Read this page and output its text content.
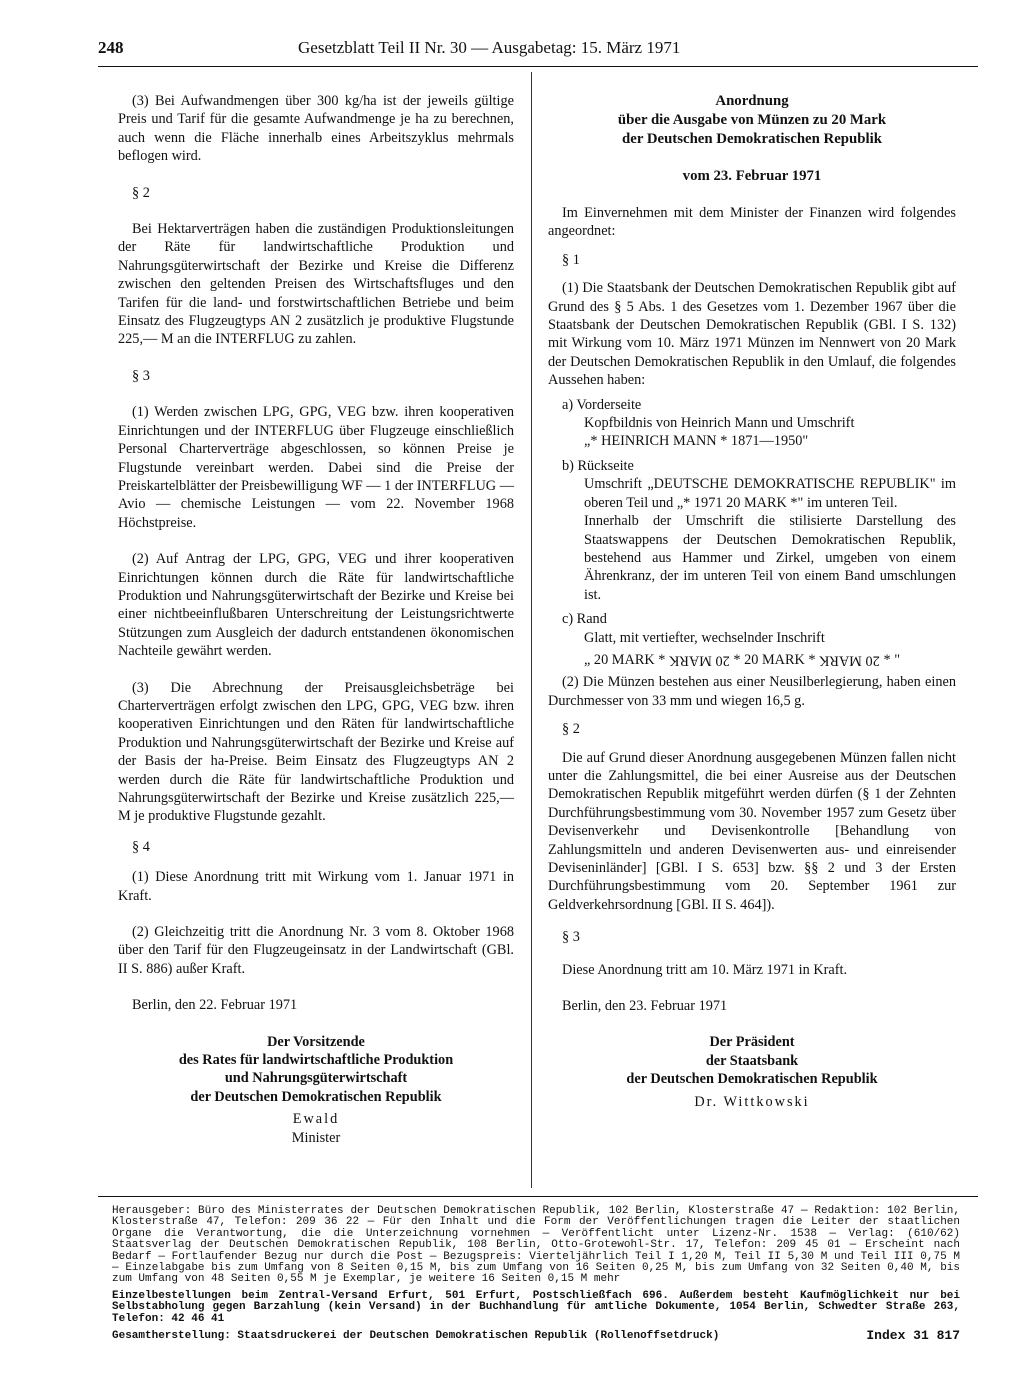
248	Gesetzblatt Teil II Nr. 30 — Ausgabetag: 15. März 1971

(3) Bei Aufwandmengen über 300 kg/ha ist der jeweils gültige Preis und Tarif für die gesamte Aufwandmenge je ha zu berechnen, auch wenn die Fläche innerhalb eines Arbeitszyklus mehrmals beflogen wird.

§ 2

Bei Hektarverträgen haben die zuständigen Produktionsleitungen der Räte für landwirtschaftliche Produktion und Nahrungsgüterwirtschaft der Bezirke und Kreise die Differenz zwischen den geltenden Preisen des Wirtschaftsfluges und den Tarifen für die land- und forstwirtschaftlichen Betriebe und beim Einsatz des Flugzeugtyps AN 2 zusätzlich je produktive Flugstunde 225,— M an die INTERFLUG zu zahlen.

§ 3

(1) Werden zwischen LPG, GPG, VEG bzw. ihren kooperativen Einrichtungen und der INTERFLUG über Flugzeuge einschließlich Personal Charterverträge abgeschlossen, so können Preise je Flugstunde vereinbart werden. Dabei sind die Preise der Preiskartelblätter der Preisbewilligung WF — 1 der INTERFLUG — Avio — chemische Leistungen — vom 22. November 1968 Höchstpreise.

(2) Auf Antrag der LPG, GPG, VEG und ihrer kooperativen Einrichtungen können durch die Räte für landwirtschaftliche Produktion und Nahrungsgüterwirtschaft der Bezirke und Kreise bei einer nichtbeeinflußbaren Unterschreitung der Leistungsrichtwerte Stützungen zum Ausgleich der dadurch entstandenen ökonomischen Nachteile gewährt werden.

(3) Die Abrechnung der Preisausgleichsbeträge bei Charterverträgen erfolgt zwischen den LPG, GPG, VEG bzw. ihren kooperativen Einrichtungen und den Räten für landwirtschaftliche Produktion und Nahrungsgüterwirtschaft der Bezirke und Kreise auf der Basis der ha-Preise. Beim Einsatz des Flugzeugtyps AN 2 werden durch die Räte für landwirtschaftliche Produktion und Nahrungsgüterwirtschaft der Bezirke und Kreise zusätzlich 225,— M je produktive Flugstunde gezahlt.

§ 4

(1) Diese Anordnung tritt mit Wirkung vom 1. Januar 1971 in Kraft.

(2) Gleichzeitig tritt die Anordnung Nr. 3 vom 8. Oktober 1968 über den Tarif für den Flugzeugeinsatz in der Landwirtschaft (GBl. II S. 886) außer Kraft.

Berlin, den 22. Februar 1971

Der Vorsitzende
des Rates für landwirtschaftliche Produktion
und Nahrungsgüterwirtschaft
der Deutschen Demokratischen Republik
Ewald
Minister
Anordnung
über die Ausgabe von Münzen zu 20 Mark
der Deutschen Demokratischen Republik
vom 23. Februar 1971

Im Einvernehmen mit dem Minister der Finanzen wird folgendes angeordnet:

§ 1

(1) Die Staatsbank der Deutschen Demokratischen Republik gibt auf Grund des § 5 Abs. 1 des Gesetzes vom 1. Dezember 1967 über die Staatsbank der Deutschen Demokratischen Republik (GBl. I S. 132) mit Wirkung vom 10. März 1971 Münzen im Nennwert von 20 Mark der Deutschen Demokratischen Republik in den Umlauf, die folgendes Aussehen haben:

a) Vorderseite
Kopfbildnis von Heinrich Mann und Umschrift
„* HEINRICH MANN * 1871—1950"
b) Rückseite
Umschrift „DEUTSCHE DEMOKRATISCHE REPUBLIK" im oberen Teil und „* 1971 20 MARK *" im unteren Teil.
Innerhalb der Umschrift die stilisierte Darstellung des Staatswappens der Deutschen Demokratischen Republik, bestehend aus Hammer und Zirkel, umgeben von einem Ährenkranz, der im unteren Teil von einem Band umschlungen ist.
c) Rand
Glatt, mit vertiefter, wechselnder Inschrift
„ 20 MARK * 20 MARK * 20 MARK * 20 MARK * "

(2) Die Münzen bestehen aus einer Neusilberlegierung, haben einen Durchmesser von 33 mm und wiegen 16,5 g.

§ 2

Die auf Grund dieser Anordnung ausgegebenen Münzen fallen nicht unter die Zahlungsmittel, die bei einer Ausreise aus der Deutschen Demokratischen Republik mitgeführt werden dürfen (§ 1 der Zehnten Durchführungsbestimmung vom 30. November 1957 zum Gesetz über Devisenverkehr und Devisenkontrolle [Behandlung von Zahlungsmitteln und anderen Devisenwerten aus- und einreisender Deviseninländer] [GBl. I S. 653] bzw. §§ 2 und 3 der Ersten Durchführungsbestimmung vom 20. September 1961 zur Geldverkehrsordnung [GBl. II S. 464]).

§ 3

Diese Anordnung tritt am 10. März 1971 in Kraft.

Berlin, den 23. Februar 1971

Der Präsident
der Staatsbank
der Deutschen Demokratischen Republik
Dr. Wittkowski
Herausgeber: Büro des Ministerrates der Deutschen Demokratischen Republik, 102 Berlin, Klosterstraße 47 — Redaktion: 102 Berlin, Klosterstraße 47, Telefon: 209 36 22 — Für den Inhalt und die Form der Veröffentlichungen tragen die Leiter der staatlichen Organe die Verantwortung, die die Unterzeichnung vornehmen — Veröffentlicht unter Lizenz-Nr. 1538 — Verlag: (610/62) Staatsverlag der Deutschen Demokratischen Republik, 108 Berlin, Otto-Grotewohl-Str. 17, Telefon: 209 45 01 — Erscheint nach Bedarf — Fortlaufender Bezug nur durch die Post — Bezugspreis: Vierteljährlich Teil I 1,20 M, Teil II 5,30 M und Teil III 0,75 M — Einzelabgabe bis zum Umfang von 8 Seiten 0,15 M, bis zum Umfang von 16 Seiten 0,25 M, bis zum Umfang von 32 Seiten 0,40 M, bis zum Umfang von 48 Seiten 0,55 M je Exemplar, je weitere 16 Seiten 0,15 M mehr
Einzelbestellungen beim Zentral-Versand Erfurt, 501 Erfurt, Postschließfach 696. Außerdem besteht Kaufmöglichkeit nur bei Selbstabholung gegen Barzahlung (kein Versand) in der Buchhandlung für amtliche Dokumente, 1054 Berlin, Schwedter Straße 263, Telefon: 42 46 41
Gesamtherstellung: Staatsdruckerei der Deutschen Demokratischen Republik (Rollenoffsetdruck)	Index 31 817
